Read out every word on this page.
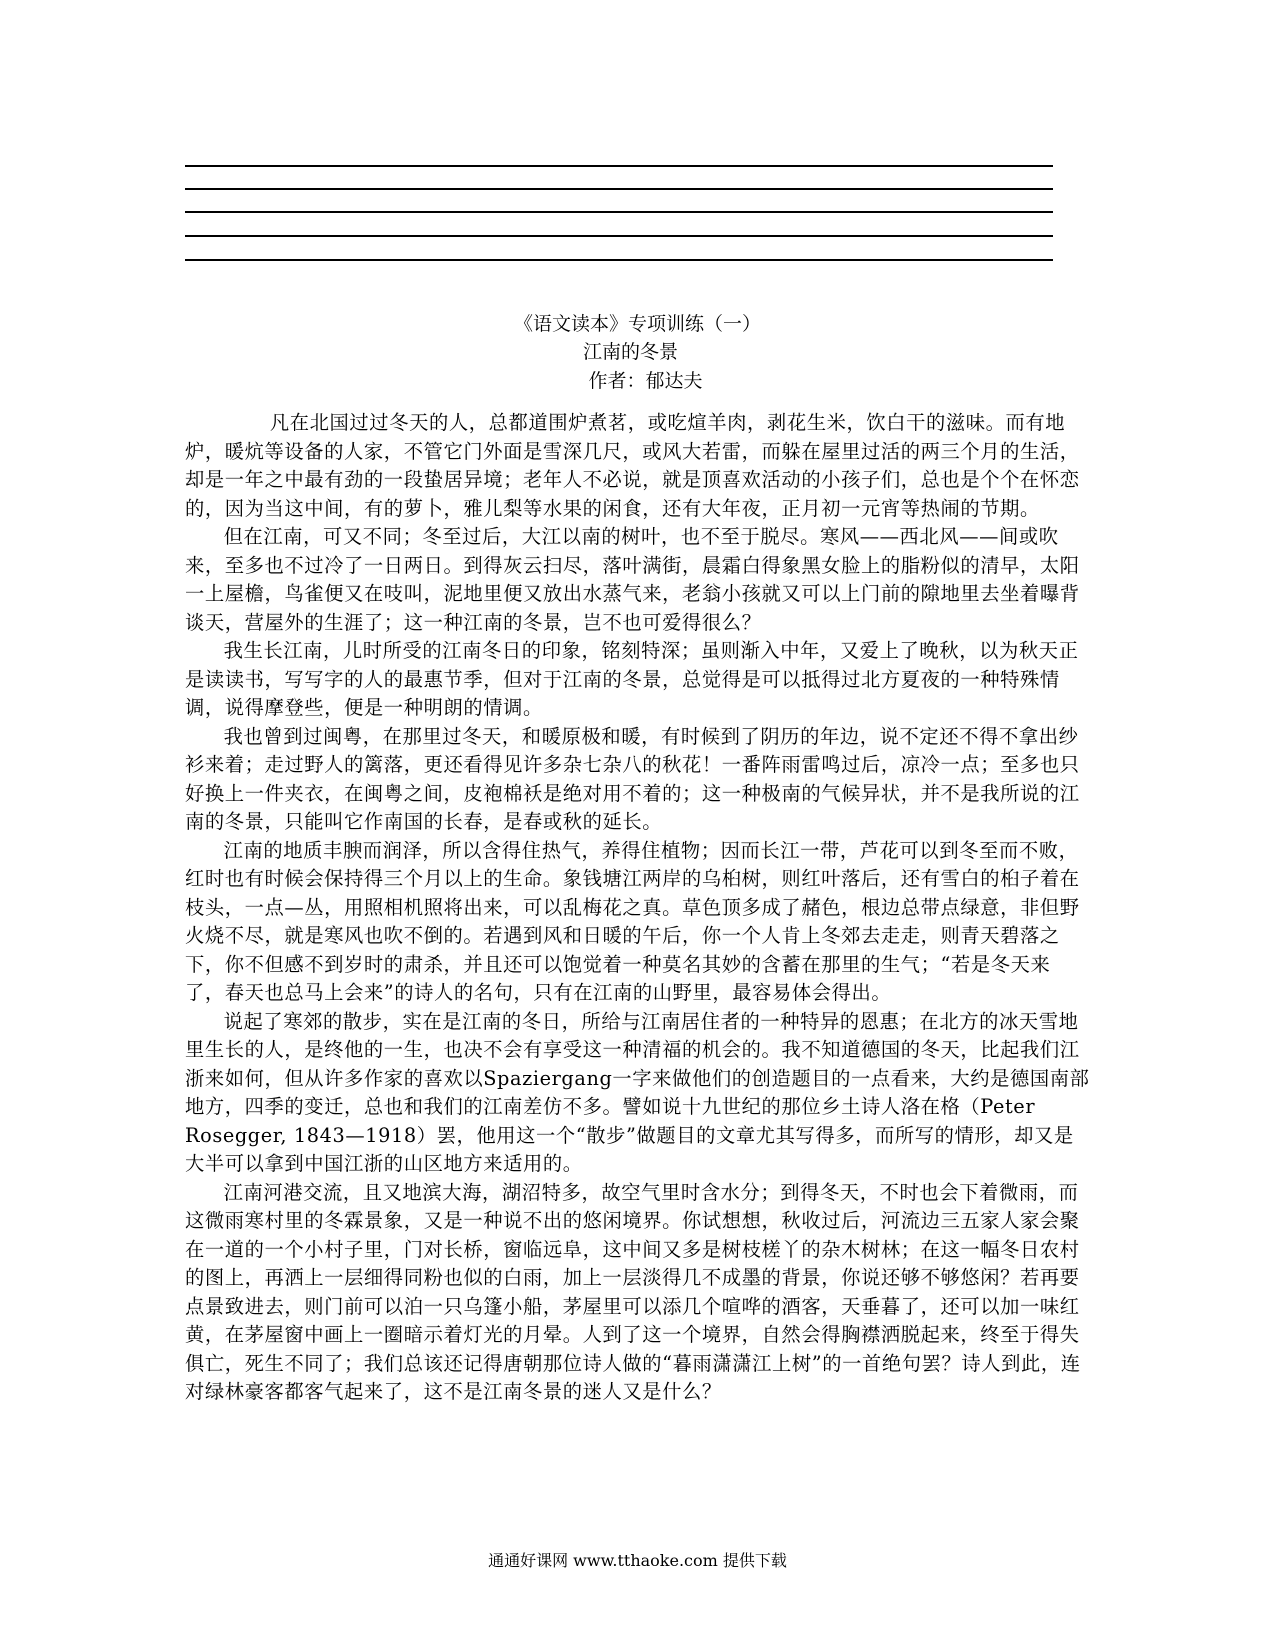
《语文读本》专项训练（一）
江南的冬景
作者：郁达夫

凡在北国过过冬天的人，总都道围炉煮茗，或吃煊羊肉，剥花生米，饮白干的滋味。而有地炉，暖炕等设备的人家，不管它门外面是雪深几尺，或风大若雷，而躲在屋里过活的两三个月的生活，却是一年之中最有劲的一段蛰居异境；老年人不必说，就是顶喜欢活动的小孩子们，总也是个个在怀恋的，因为当这中间，有的萝卜，雅儿梨等水果的闲食，还有大年夜，正月初一元宵等热闹的节期。

但在江南，可又不同；冬至过后，大江以南的树叶，也不至于脱尽。寒风——西北风——间或吹来，至多也不过冷了一日两日。到得灰云扫尽，落叶满街，晨霜白得象黑女脸上的脂粉似的清早，太阳一上屋檐，鸟雀便又在吱叫，泥地里便又放出水蒸气来，老翁小孩就又可以上门前的隙地里去坐着曝背谈天，营屋外的生涯了；这一种江南的冬景，岂不也可爱得很么？

我生长江南，儿时所受的江南冬日的印象，铭刻特深；虽则渐入中年，又爱上了晚秋，以为秋天正是读读书，写写字的人的最惠节季，但对于江南的冬景，总觉得是可以抵得过北方夏夜的一种特殊情调，说得摩登些，便是一种明朗的情调。

我也曾到过闽粤，在那里过冬天，和暖原极和暖，有时候到了阴历的年边，说不定还不得不拿出纱衫来着；走过野人的篱落，更还看得见许多杂七杂八的秋花！一番阵雨雷鸣过后，凉冷一点；至多也只好换上一件夹衣，在闽粤之间，皮袍棉袄是绝对用不着的；这一种极南的气候异状，并不是我所说的江南的冬景，只能叫它作南国的长春，是春或秋的延长。

江南的地质丰腴而润泽，所以含得住热气，养得住植物；因而长江一带，芦花可以到冬至而不败，红时也有时候会保持得三个月以上的生命。象钱塘江两岸的乌桕树，则红叶落后，还有雪白的桕子着在枝头，一点—丛，用照相机照将出来，可以乱梅花之真。草色顶多成了赭色，根边总带点绿意，非但野火烧不尽，就是寒风也吹不倒的。若遇到风和日暖的午后，你一个人肯上冬郊去走走，则青天碧落之下，你不但感不到岁时的肃杀，并且还可以饱觉着一种莫名其妙的含蓄在那里的生气；“若是冬天来了，春天也总马上会来”的诗人的名句，只有在江南的山野里，最容易体会得出。

说起了寒郊的散步，实在是江南的冬日，所给与江南居住者的一种特异的恩惠；在北方的冰天雪地里生长的人，是终他的一生，也决不会有享受这一种清福的机会的。我不知道德国的冬天，比起我们江浙来如何，但从许多作家的喜欢以Spaziergang一字来做他们的创造题目的一点看来，大约是德国南部地方，四季的变迁，总也和我们的江南差仿不多。譬如说十九世纪的那位乡土诗人洛在格（Peter Rosegger, 1843—1918）罢，他用这一个“散步”做题目的文章尤其写得多，而所写的情形，却又是大半可以拿到中国江浙的山区地方来适用的。

江南河港交流，且又地滨大海，湖沼特多，故空气里时含水分；到得冬天，不时也会下着微雨，而这微雨寒村里的冬霖景象，又是一种说不出的悠闲境界。你试想想，秋收过后，河流边三五家人家会聚在一道的一个小村子里，门对长桥，窗临远阜，这中间又多是树枝槎丫的杂木树林；在这一幅冬日农村的图上，再洒上一层细得同粉也似的白雨，加上一层淡得几不成墨的背景，你说还够不够悠闲？若再要点景致进去，则门前可以泊一只乌篷小船，茅屋里可以添几个喧哗的酒客，天垂暮了，还可以加一味红黄，在茅屋窗中画上一圈暗示着灯光的月晕。人到了这一个境界，自然会得胸襟洒脱起来，终至于得失俱亡，死生不同了；我们总该还记得唐朝那位诗人做的“暮雨潇潇江上树”的一首绝句罢？诗人到此，连对绿林豪客都客气起来了，这不是江南冬景的迷人又是什么？

通通好课网 www.tthaoke.com 提供下载
